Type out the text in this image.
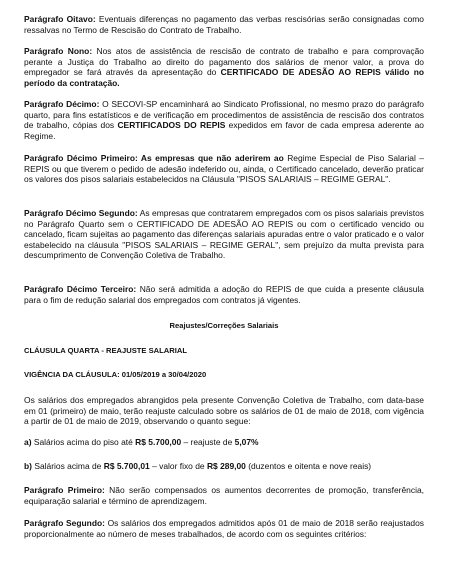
Parágrafo Oitavo: Eventuais diferenças no pagamento das verbas rescisórias serão consignadas como ressalvas no Termo de Rescisão do Contrato de Trabalho.

Parágrafo Nono: Nos atos de assistência de rescisão de contrato de trabalho e para comprovação perante a Justiça do Trabalho ao direito do pagamento dos salários de menor valor, a prova do empregador se fará através da apresentação do CERTIFICADO DE ADESÃO AO REPIS válido no período da contratação.

Parágrafo Décimo: O SECOVI-SP encaminhará ao Sindicato Profissional, no mesmo prazo do parágrafo quarto, para fins estatísticos e de verificação em procedimentos de assistência de rescisão dos contratos de trabalho, cópias dos CERTIFICADOS DO REPIS expedidos em favor de cada empresa aderente ao Regime.

Parágrafo Décimo Primeiro: As empresas que não aderirem ao Regime Especial de Piso Salarial – REPIS ou que tiverem o pedido de adesão indeferido ou, ainda, o Certificado cancelado, deverão praticar os valores dos pisos salariais estabelecidos na Cláusula "PISOS SALARIAIS – REGIME GERAL".

Parágrafo Décimo Segundo: As empresas que contratarem empregados com os pisos salariais previstos no Parágrafo Quarto sem o CERTIFICADO DE ADESÃO AO REPIS ou com o certificado vencido ou cancelado, ficam sujeitas ao pagamento das diferenças salariais apuradas entre o valor praticado e o valor estabelecido na cláusula "PISOS SALARIAIS – REGIME GERAL", sem prejuízo da multa prevista para descumprimento de Convenção Coletiva de Trabalho.

Parágrafo Décimo Terceiro: Não será admitida a adoção do REPIS de que cuida a presente cláusula para o fim de redução salarial dos empregados com contratos já vigentes.

Reajustes/Correções Salariais
CLÁUSULA QUARTA - REAJUSTE SALARIAL
VIGÊNCIA DA CLÁUSULA: 01/05/2019 a 30/04/2020

Os salários dos empregados abrangidos pela presente Convenção Coletiva de Trabalho, com data-base em 01 (primeiro) de maio, terão reajuste calculado sobre os salários de 01 de maio de 2018, com vigência a partir de 01 de maio de 2019, observando o quanto segue:

a) Salários acima do piso até R$ 5.700,00 – reajuste de 5,07%

b) Salários acima de R$ 5.700,01 – valor fixo de R$ 289,00 (duzentos e oitenta e nove reais)

Parágrafo Primeiro: Não serão compensados os aumentos decorrentes de promoção, transferência, equiparação salarial e término de aprendizagem.

Parágrafo Segundo: Os salários dos empregados admitidos após 01 de maio de 2018 serão reajustados proporcionalmente ao número de meses trabalhados, de acordo com os seguintes critérios:
